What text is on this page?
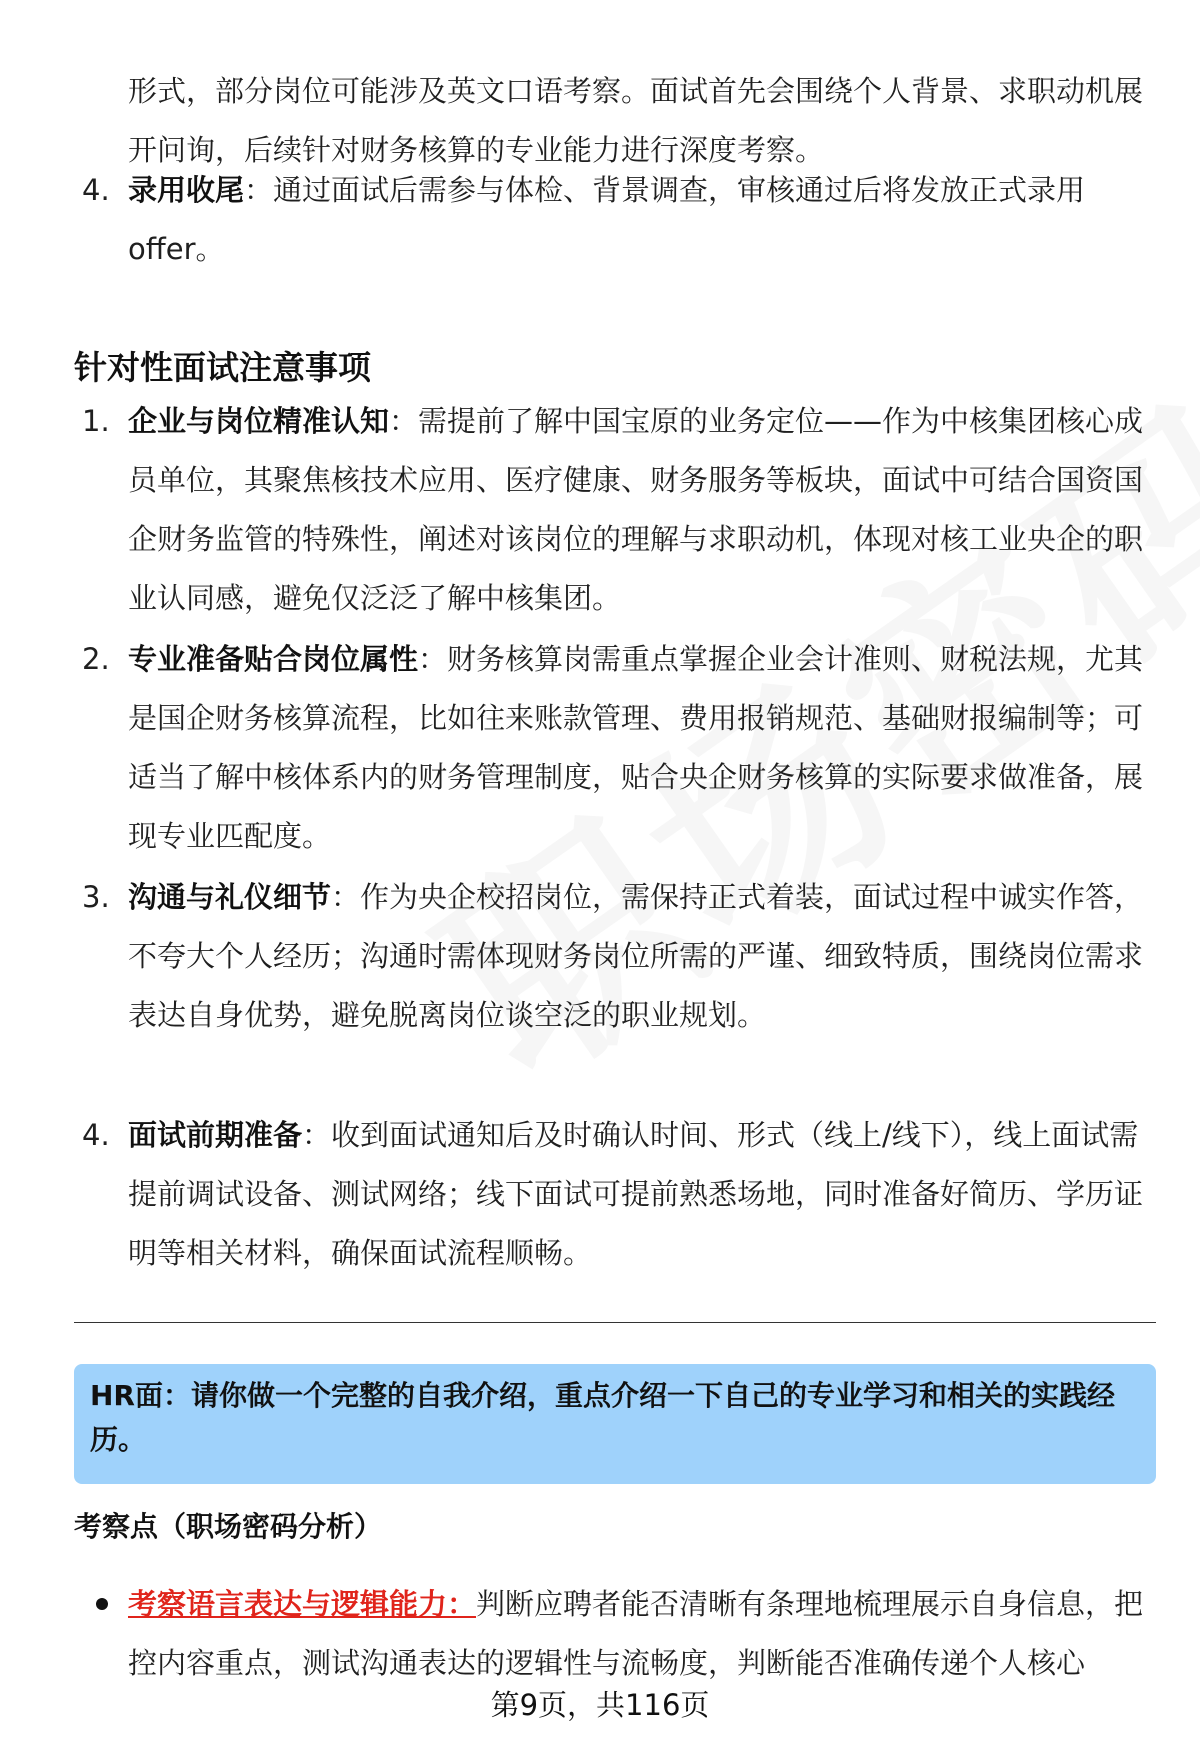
形式，部分岗位可能涉及英文口语考察。面试首先会围绕个人背景、求职动机展开问询，后续针对财务核算的专业能力进行深度考察。
4. 录用收尾：通过面试后需参与体检、背景调查，审核通过后将发放正式录用offer。
针对性面试注意事项
1. 企业与岗位精准认知：需提前了解中国宝原的业务定位——作为中核集团核心成员单位，其聚焦核技术应用、医疗健康、财务服务等板块，面试中可结合国资国企财务监管的特殊性，阐述对该岗位的理解与求职动机，体现对核工业央企的职业认同感，避免仅泛泛了解中核集团。
2. 专业准备贴合岗位属性：财务核算岗需重点掌握企业会计准则、财税法规，尤其是国企财务核算流程，比如往来账款管理、费用报销规范、基础财报编制等；可适当了解中核体系内的财务管理制度，贴合央企财务核算的实际要求做准备，展现专业匹配度。
3. 沟通与礼仪细节：作为央企校招岗位，需保持正式着装，面试过程中诚实作答，不夸大个人经历；沟通时需体现财务岗位所需的严谨、细致特质，围绕岗位需求表达自身优势，避免脱离岗位谈空泛的职业规划。
4. 面试前期准备：收到面试通知后及时确认时间、形式（线上/线下），线上面试需提前调试设备、测试网络；线下面试可提前熟悉场地，同时准备好简历、学历证明等相关材料，确保面试流程顺畅。
HR面：请你做一个完整的自我介绍，重点介绍一下自己的专业学习和相关的实践经历。
考察点（职场密码分析）
考察语言表达与逻辑能力：判断应聘者能否清晰有条理地梳理展示自身信息，把控内容重点，测试沟通表达的逻辑性与流畅度，判断能否准确传递个人核心
第9页，共116页
